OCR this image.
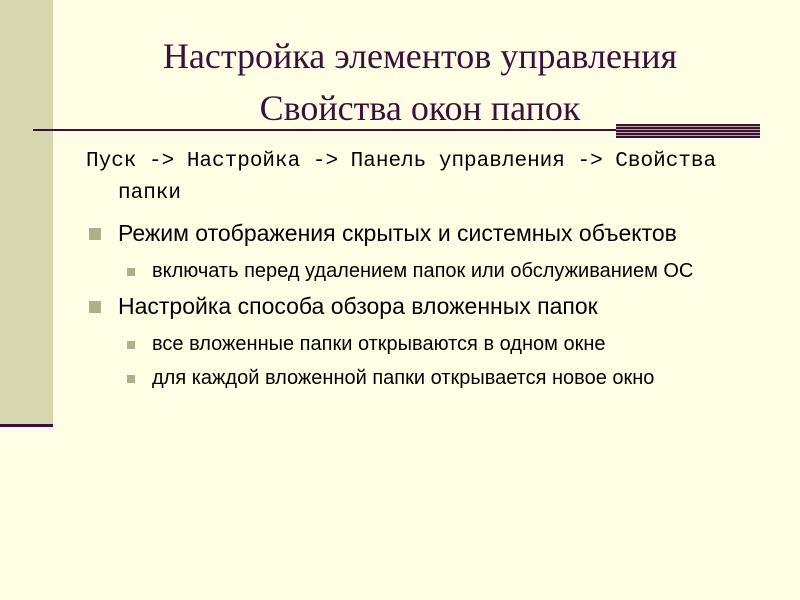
Настройка элементов управления
Свойства окон папок
Пуск -> Настройка -> Панель управления -> Свойства папки
Режим отображения скрытых и системных объектов
включать перед удалением папок или обслуживанием ОС
Настройка способа обзора вложенных папок
все вложенные папки открываются в одном окне
для каждой вложенной папки открывается новое окно
